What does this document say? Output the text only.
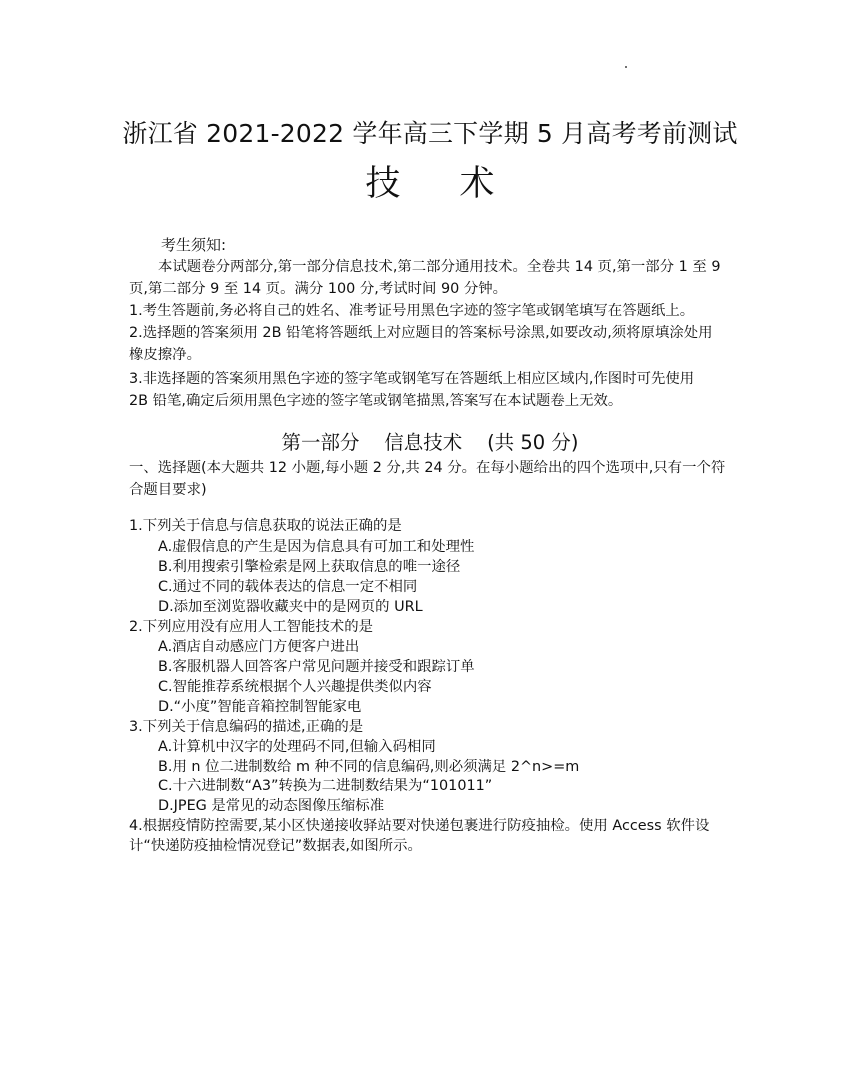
浙江省 2021-2022 学年高三下学期 5 月高考考前测试
技 术
考生须知:
本试题卷分两部分,第一部分信息技术,第二部分通用技术。全卷共 14 页,第一部分 1 至 9
页,第二部分 9 至 14 页。满分 100 分,考试时间 90 分钟。
1.考生答题前,务必将自己的姓名、准考证号用黑色字迹的签字笔或钢笔填写在答题纸上。
2.选择题的答案须用 2B 铅笔将答题纸上对应题目的答案标号涂黑,如要改动,须将原填涂处用
橡皮擦净。
3.非选择题的答案须用黑色字迹的签字笔或钢笔写在答题纸上相应区域内,作图时可先使用
2B 铅笔,确定后须用黑色字迹的签字笔或钢笔描黑,答案写在本试题卷上无效。
第一部分    信息技术    (共 50 分)
一、选择题(本大题共 12 小题,每小题 2 分,共 24 分。在每小题给出的四个选项中,只有一个符
合题目要求)
1.下列关于信息与信息获取的说法正确的是
A.虚假信息的产生是因为信息具有可加工和处理性
B.利用搜索引擎检索是网上获取信息的唯一途径
C.通过不同的载体表达的信息一定不相同
D.添加至浏览器收藏夹中的是网页的 URL
2.下列应用没有应用人工智能技术的是
A.酒店自动感应门方便客户进出
B.客服机器人回答客户常见问题并接受和跟踪订单
C.智能推荐系统根据个人兴趣提供类似内容
D.“小度”智能音箱控制智能家电
3.下列关于信息编码的描述,正确的是
A.计算机中汉字的处理码不同,但输入码相同
B.用 n 位二进制数给 m 种不同的信息编码,则必须满足 2^n>=m
C.十六进制数“A3”转换为二进制数结果为“101011”
D.JPEG 是常见的动态图像压缩标准
4.根据疫情防控需要,某小区快递接收驿站要对快递包裹进行防疫抽检。使用 Access 软件设
计“快递防疫抽检情况登记”数据表,如图所示。
